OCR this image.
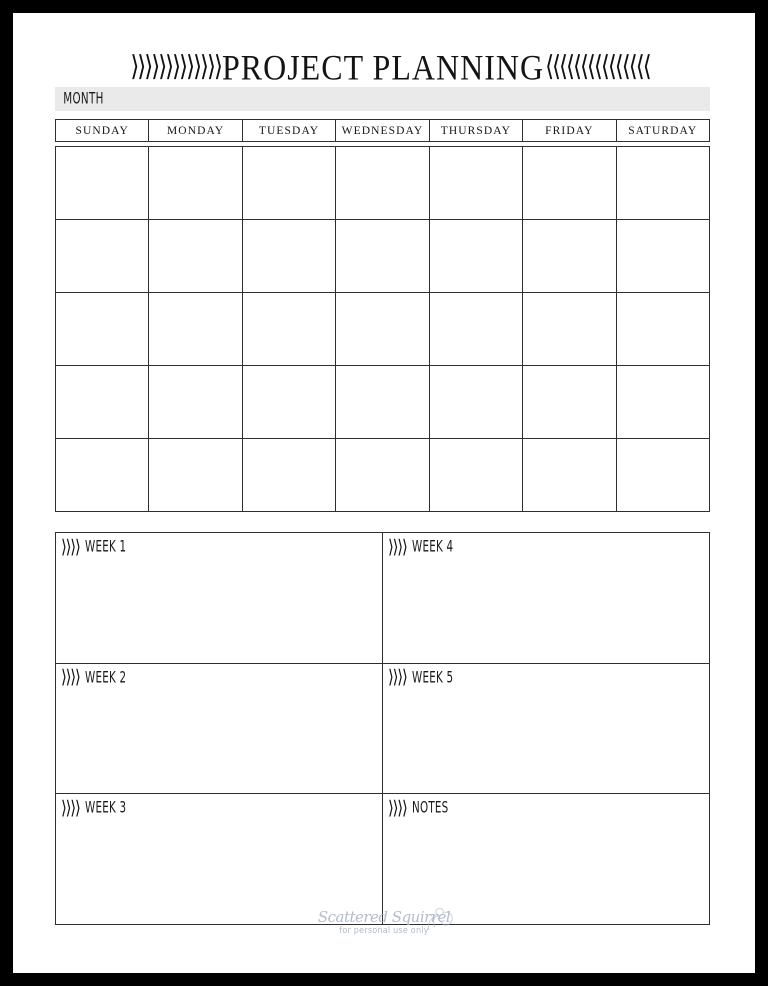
⟩⟩⟩⟩⟩⟩⟩⟩⟩⟩⟩⟩⟩ PROJECT PLANNING ⟨⟨⟨⟨⟨⟨⟨⟨⟨⟨⟨⟨⟨⟨⟨
MONTH
SUNDAY	MONDAY	TUESDAY	WEDNESDAY	THURSDAY	FRIDAY	SATURDAY
⟩⟩⟩⟩ WEEK 1	⟩⟩⟩⟩ WEEK 4
⟩⟩⟩⟩ WEEK 2	⟩⟩⟩⟩ WEEK 5
⟩⟩⟩⟩ WEEK 3	⟩⟩⟩⟩ NOTES
Scattered Squirrel
for personal use only
